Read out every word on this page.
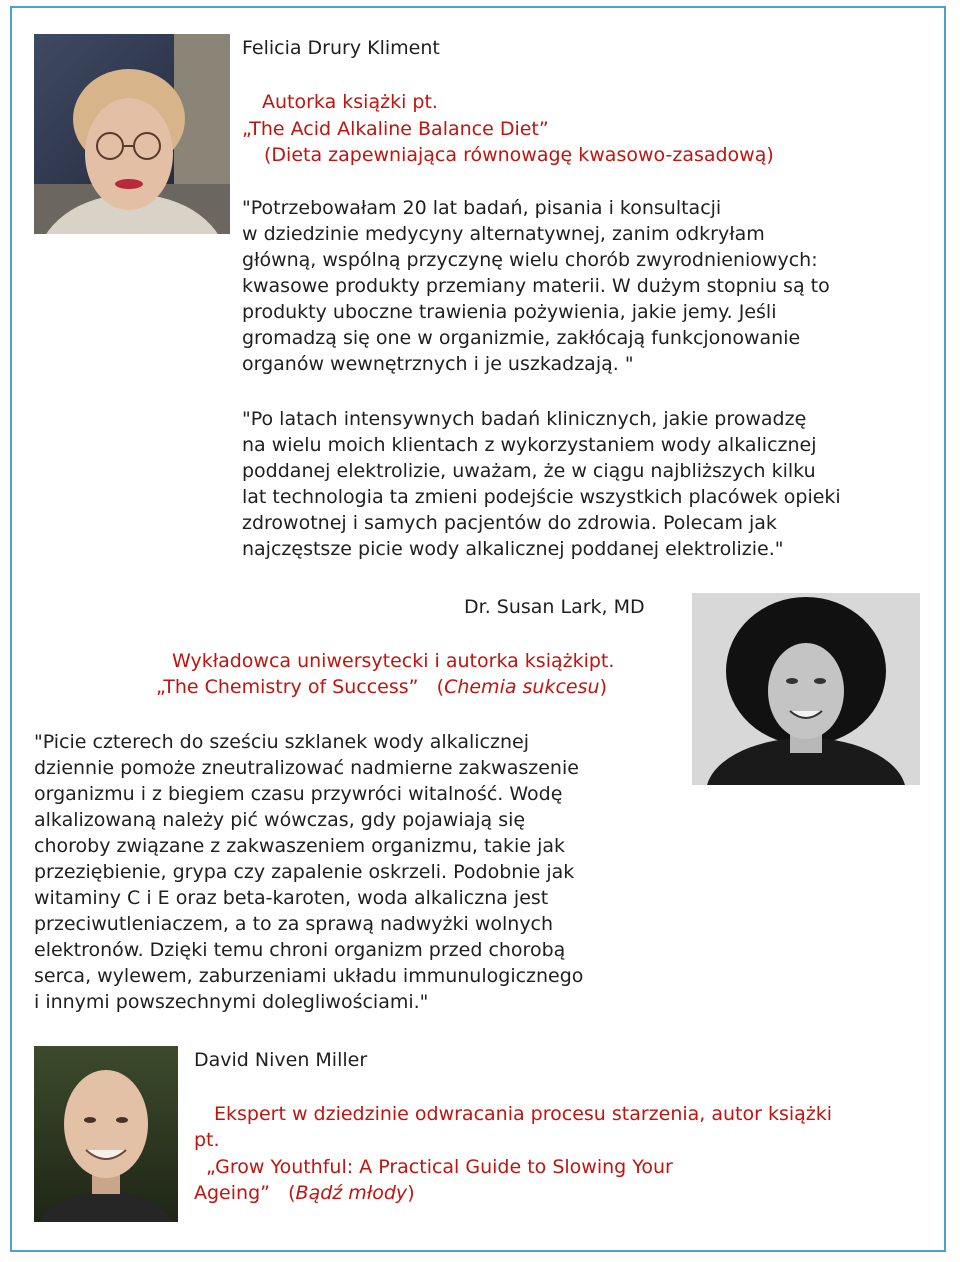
Felicia Drury Kliment
Autorka książki pt.
„The Acid Alkaline Balance Diet”
(Dieta zapewniająca równowagę kwasowo-zasadową)
"Potrzebowałam 20 lat badań, pisania i konsultacji
w dziedzinie medycyny alternatywnej, zanim odkryłam
główną, wspólną przyczynę wielu chorób zwyrodnieniowych:
kwasowe produkty przemiany materii. W dużym stopniu są to
produkty uboczne trawienia pożywienia, jakie jemy. Jeśli
gromadzą się one w organizmie, zakłócają funkcjonowanie
organów wewnętrznych i je uszkadzają. "
"Po latach intensywnych badań klinicznych, jakie prowadzę
na wielu moich klientach z wykorzystaniem wody alkalicznej
poddanej elektrolizie, uważam, że w ciągu najbliższych kilku
lat technologia ta zmieni podejście wszystkich placówek opieki
zdrowotnej i samych pacjentów do zdrowia. Polecam jak
najczęstsze picie wody alkalicznej poddanej elektrolizie."
Dr. Susan Lark, MD
Wykładowca uniwersytecki i autorka książkipt.
„The Chemistry of Success” (Chemia sukcesu)
"Picie czterech do sześciu szklanek wody alkalicznej
dziennie pomoże zneutralizować nadmierne zakwaszenie
organizmu i z biegiem czasu przywróci witalność. Wodę
alkalizowaną należy pić wówczas, gdy pojawiają się
choroby związane z zakwaszeniem organizmu, takie jak
przeziębienie, grypa czy zapalenie oskrzeli. Podobnie jak
witaminy C i E oraz beta-karoten, woda alkaliczna jest
przeciwutleniaczem, a to za sprawą nadwyżki wolnych
elektronów. Dzięki temu chroni organizm przed chorobą
serca, wylewem, zaburzeniami układu immunulogicznego
i innymi powszechnymi dolegliwościami."
David Niven Miller
Ekspert w dziedzinie odwracania procesu starzenia, autor książki
pt.
„Grow Youthful: A Practical Guide to Slowing Your
Ageing” (Bądź młody)
